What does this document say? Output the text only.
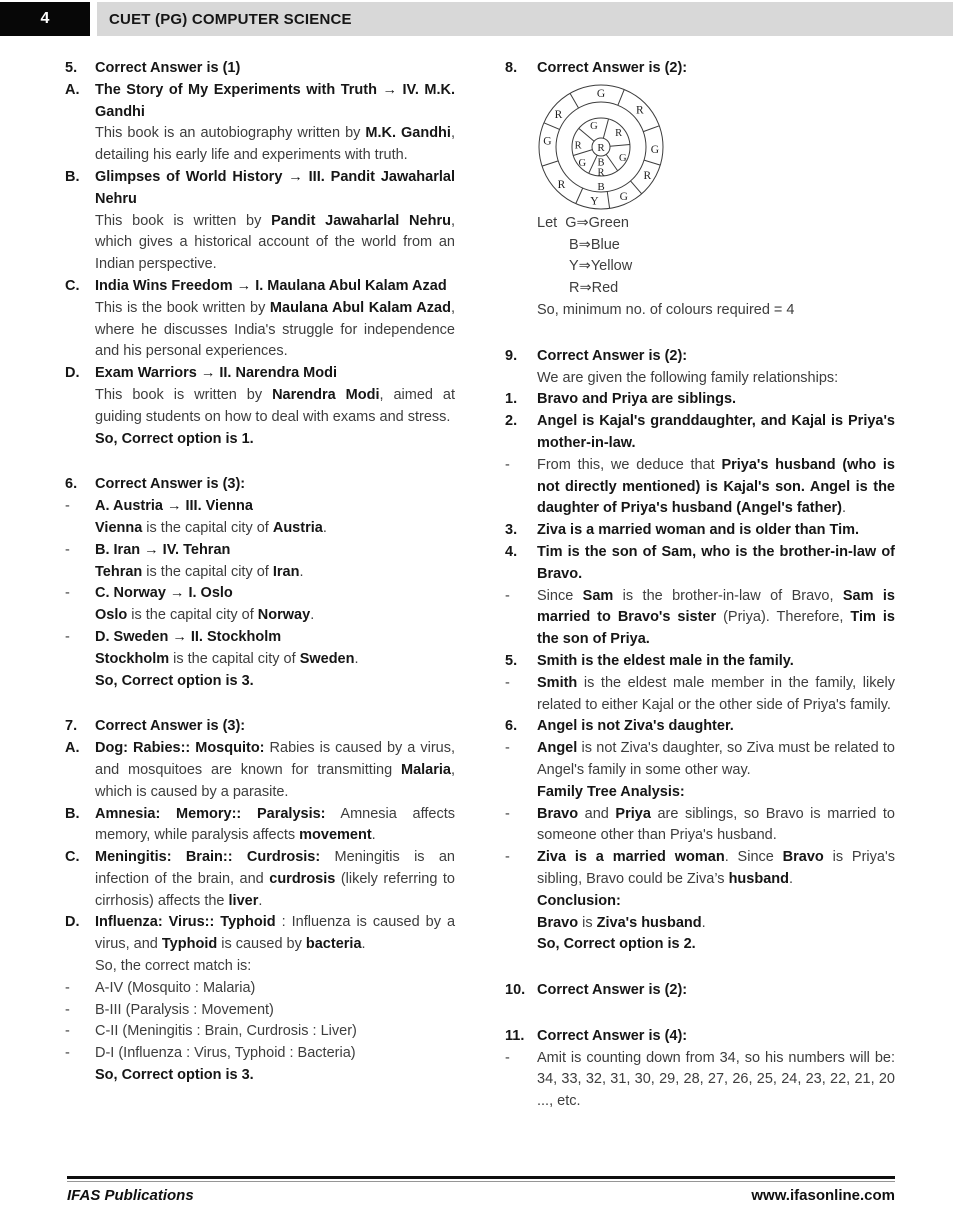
4	CUET (PG) COMPUTER SCIENCE
5.	Correct Answer is (1)

A.	The Story of My Experiments with Truth → IV. M.K. Gandhi

This book is an autobiography written by M.K. Gandhi, detailing his early life and experiments with truth.

B.	Glimpses of World History → III. Pandit Jawaharlal Nehru

This book is written by Pandit Jawaharlal Nehru, which gives a historical account of the world from an Indian perspective.

C.	India Wins Freedom → I. Maulana Abul Kalam Azad

This is the book written by Maulana Abul Kalam Azad, where he discusses India's struggle for independence and his personal experiences.

D.	Exam Warriors → II. Narendra Modi

This book is written by Narendra Modi, aimed at guiding students on how to deal with exams and stress.

So, Correct option is 1.

6.	Correct Answer is (3):

-	A. Austria → III. Vienna

Vienna is the capital city of Austria.

-	B. Iran → IV. Tehran

Tehran is the capital city of Iran.

-	C. Norway → I. Oslo

Oslo is the capital city of Norway.

-	D. Sweden → II. Stockholm

Stockholm is the capital city of Sweden.

So, Correct option is 3.

7.	Correct Answer is (3):

A.	Dog: Rabies:: Mosquito: Rabies is caused by a virus, and mosquitoes are known for transmitting Malaria, which is caused by a parasite.

B.	Amnesia: Memory:: Paralysis: Amnesia affects memory, while paralysis affects movement.

C.	Meningitis: Brain:: Curdrosis: Meningitis is an infection of the brain, and curdrosis (likely referring to cirrhosis) affects the liver.

D.	Influenza: Virus:: Typhoid : Influenza is caused by a virus, and Typhoid is caused by bacteria.

So, the correct match is:

-	A-IV (Mosquito : Malaria)

-	B-III (Paralysis : Movement)

-	C-II (Meningitis : Brain, Curdrosis : Liver)

-	D-I (Influenza : Virus, Typhoid : Bacteria)

So, Correct option is 3.

8.	Correct Answer is (2):

G
R
G
R
G
Y
R
G
R
B
G
R
G
B
R
G
R R

Let  G⇒Green

B⇒Blue

Y⇒Yellow

R⇒Red

So, minimum no. of colours required = 4

9.	Correct Answer is (2):

We are given the following family relationships:

1.	Bravo and Priya are siblings.

2.	Angel is Kajal's granddaughter, and Kajal is Priya's mother-in-law.

-	From this, we deduce that Priya's husband (who is not directly mentioned) is Kajal's son. Angel is the daughter of Priya's husband (Angel's father).

3.	Ziva is a married woman and is older than Tim.

4.	Tim is the son of Sam, who is the brother-in-law of Bravo.

-	Since Sam is the brother-in-law of Bravo, Sam is married to Bravo's sister (Priya). Therefore, Tim is the son of Priya.

5.	Smith is the eldest male in the family.

-	Smith is the eldest male member in the family, likely related to either Kajal or the other side of Priya's family.

6.	Angel is not Ziva's daughter.

-	Angel is not Ziva's daughter, so Ziva must be related to Angel's family in some other way.

Family Tree Analysis:

-	Bravo and Priya are siblings, so Bravo is married to someone other than Priya's husband.

-	Ziva is a married woman. Since Bravo is Priya's sibling, Bravo could be Ziva’s husband.

Conclusion:

Bravo is Ziva's husband.

So, Correct option is 2.

10. Correct Answer is (2):

11. Correct Answer is (4):

-	Amit is counting down from 34, so his numbers will be: 34, 33, 32, 31, 30, 29, 28, 27, 26, 25, 24, 23, 22, 21, 20 ..., etc.

IFAS Publications	www.ifasonline.com
